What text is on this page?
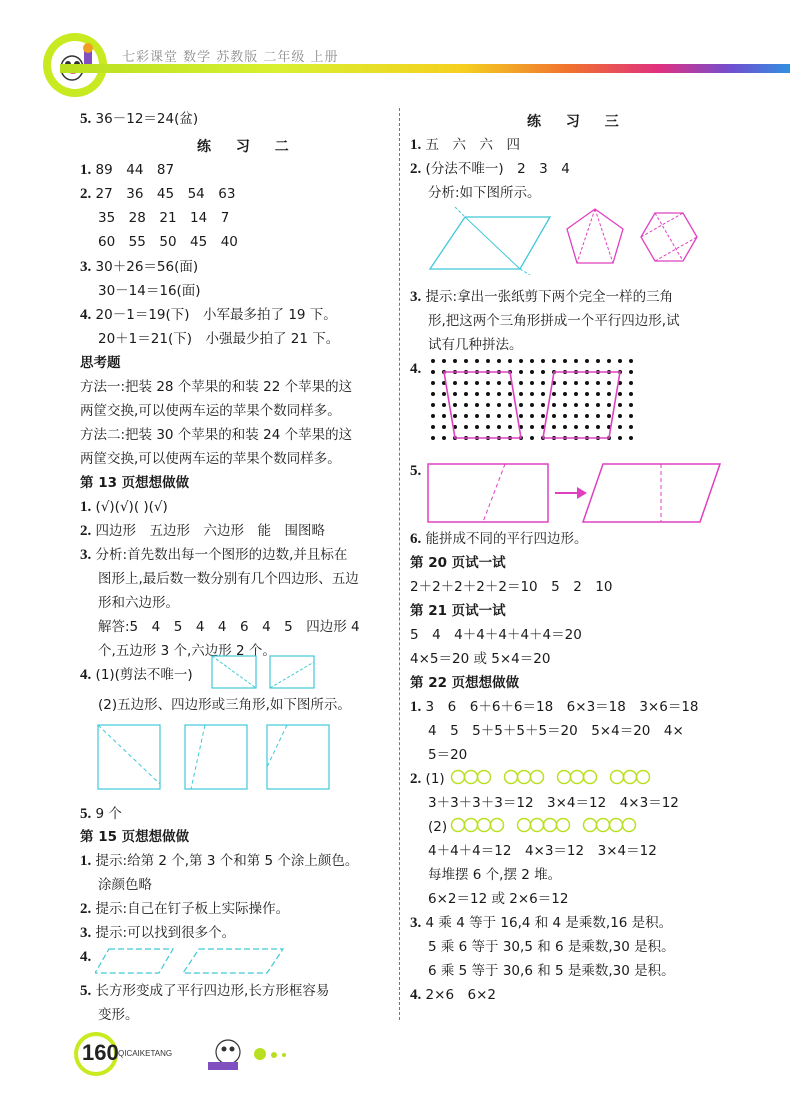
七彩课堂 数学 苏教版 二年级 上册
5. 36－12＝24(盆)
练 习 二
1. 89　44　87
2. 27　36　45　54　63
35　28　21　14　7
60　55　50　45　40
3. 30＋26＝56(面)
30－14＝16(面)
4. 20－1＝19(下)　小军最多拍了 19 下。
20＋1＝21(下)　小强最少拍了 21 下。
思考题
方法一:把装 28 个苹果的和装 22 个苹果的这
两筐交换,可以使两车运的苹果个数同样多。
方法二:把装 30 个苹果的和装 24 个苹果的这
两筐交换,可以使两车运的苹果个数同样多。
第 13 页想想做做
1. (√)(√)( )(√)
2. 四边形　五边形　六边形　能　围图略
3. 分析:首先数出每一个图形的边数,并且标在
图形上,最后数一数分别有几个四边形、五边
形和六边形。
解答:5　4　5　4　4　6　4　5　四边形 4
个,五边形 3 个,六边形 2 个。
4. (1)(剪法不唯一)
(2)五边形、四边形或三角形,如下图所示。
5. 9 个
第 15 页想想做做
1. 提示:给第 2 个,第 3 个和第 5 个涂上颜色。
涂颜色略
2. 提示:自己在钉子板上实际操作。
3. 提示:可以找到很多个。
4.
5. 长方形变成了平行四边形,长方形框容易
变形。
练 习 三
1. 五　六　六　四
2. (分法不唯一)　2　3　4
分析:如下图所示。
3. 提示:拿出一张纸剪下两个完全一样的三角
形,把这两个三角形拼成一个平行四边形,试
试有几种拼法。
4.
5.
6. 能拼成不同的平行四边形。
第 20 页试一试
2＋2＋2＋2＋2＝10　5　2　10
第 21 页试一试
5　4　4＋4＋4＋4＋4＝20
4×5＝20 或 5×4＝20
第 22 页想想做做
1. 3　6　6＋6＋6＝18　6×3＝18　3×6＝18
4　5　5＋5＋5＋5＝20　5×4＝20　4×
5＝20
2. (1)
3＋3＋3＋3＝12　3×4＝12　4×3＝12
(2)
4＋4＋4＝12　4×3＝12　3×4＝12
每堆摆 6 个,摆 2 堆。
6×2＝12 或 2×6＝12
3. 4 乘 4 等于 16,4 和 4 是乘数,16 是积。
5 乘 6 等于 30,5 和 6 是乘数,30 是积。
6 乘 5 等于 30,6 和 5 是乘数,30 是积。
4. 2×6　6×2
160 QICAIKETANG
